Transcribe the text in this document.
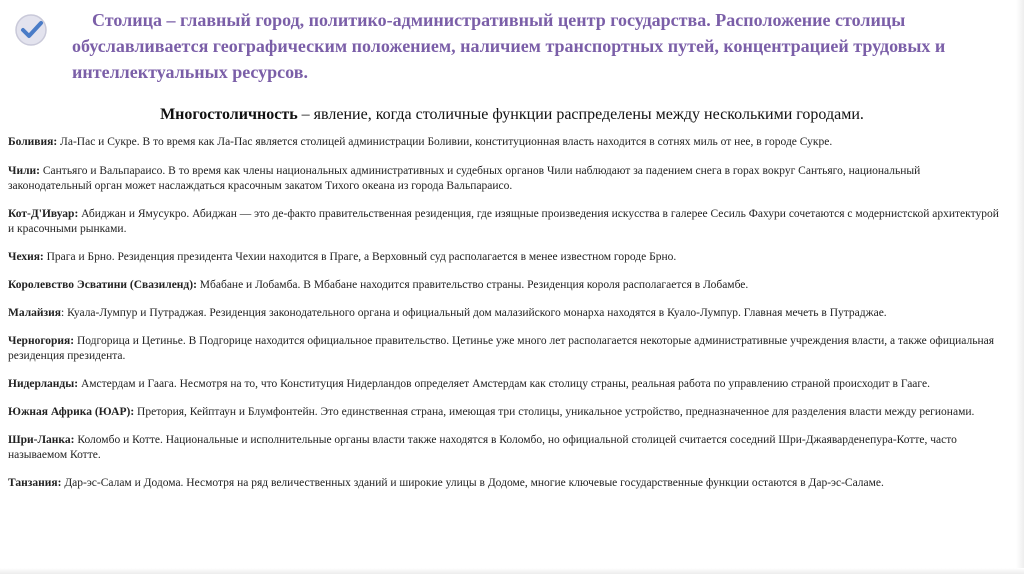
Столица – главный город, политико-административный центр государства. Расположение столицы обуславливается географическим положением, наличием транспортных путей, концентрацией трудовых и интеллектуальных ресурсов.
Многостоличность – явление, когда столичные функции распределены между несколькими городами.

Боливия: Ла-Пас и Сукре. В то время как Ла-Пас является столицей администрации Боливии, конституционная власть находится в сотнях миль от нее, в городе Сукре.

Чили: Сантьяго и Вальпараисо. В то время как члены национальных административных и судебных органов Чили наблюдают за падением снега в горах вокруг Сантьяго, национальный законодательный орган может наслаждаться красочным закатом Тихого океана из города Вальпараисо.

Кот-Д'Ивуар: Абиджан и Ямусукро. Абиджан — это де-факто правительственная резиденция, где изящные произведения искусства в галерее Сесиль Фахури сочетаются с модернистской архитектурой и красочными рынками.

Чехия: Прага и Брно. Резиденция президента Чехии находится в Праге, а Верховный суд располагается в менее известном городе Брно.

Королевство Эсватини (Свазиленд): Мбабане и Лобамба. В Мбабане находится правительство страны. Резиденция короля располагается в Лобамбе.

Малайзия: Куала-Лумпур и Путраджая. Резиденция законодательного органа и официальный дом малазийского монарха находятся в Куало-Лумпур. Главная мечеть в Путраджае.

Черногория: Подгорица и Цетинье. В Подгорице находится официальное правительство. Цетинье уже много лет располагается некоторые административные учреждения власти, а также официальная резиденция президента.

Нидерланды: Амстердам и Гаага. Несмотря на то, что Конституция Нидерландов определяет Амстердам как столицу страны, реальная работа по управлению страной происходит в Гааге.

Южная Африка (ЮАР): Претория, Кейптаун и Блумфонтейн. Это единственная страна, имеющая три столицы, уникальное устройство, предназначенное для разделения власти между регионами.

Шри-Ланка: Коломбо и Котте. Национальные и исполнительные органы власти также находятся в Коломбо, но официальной столицей считается соседний Шри-Джаяварденепура-Котте, часто называемом Котте.

Танзания: Дар-эс-Салам и Додома. Несмотря на ряд величественных зданий и широкие улицы в Додоме, многие ключевые государственные функции остаются в Дар-эс-Саламе.
